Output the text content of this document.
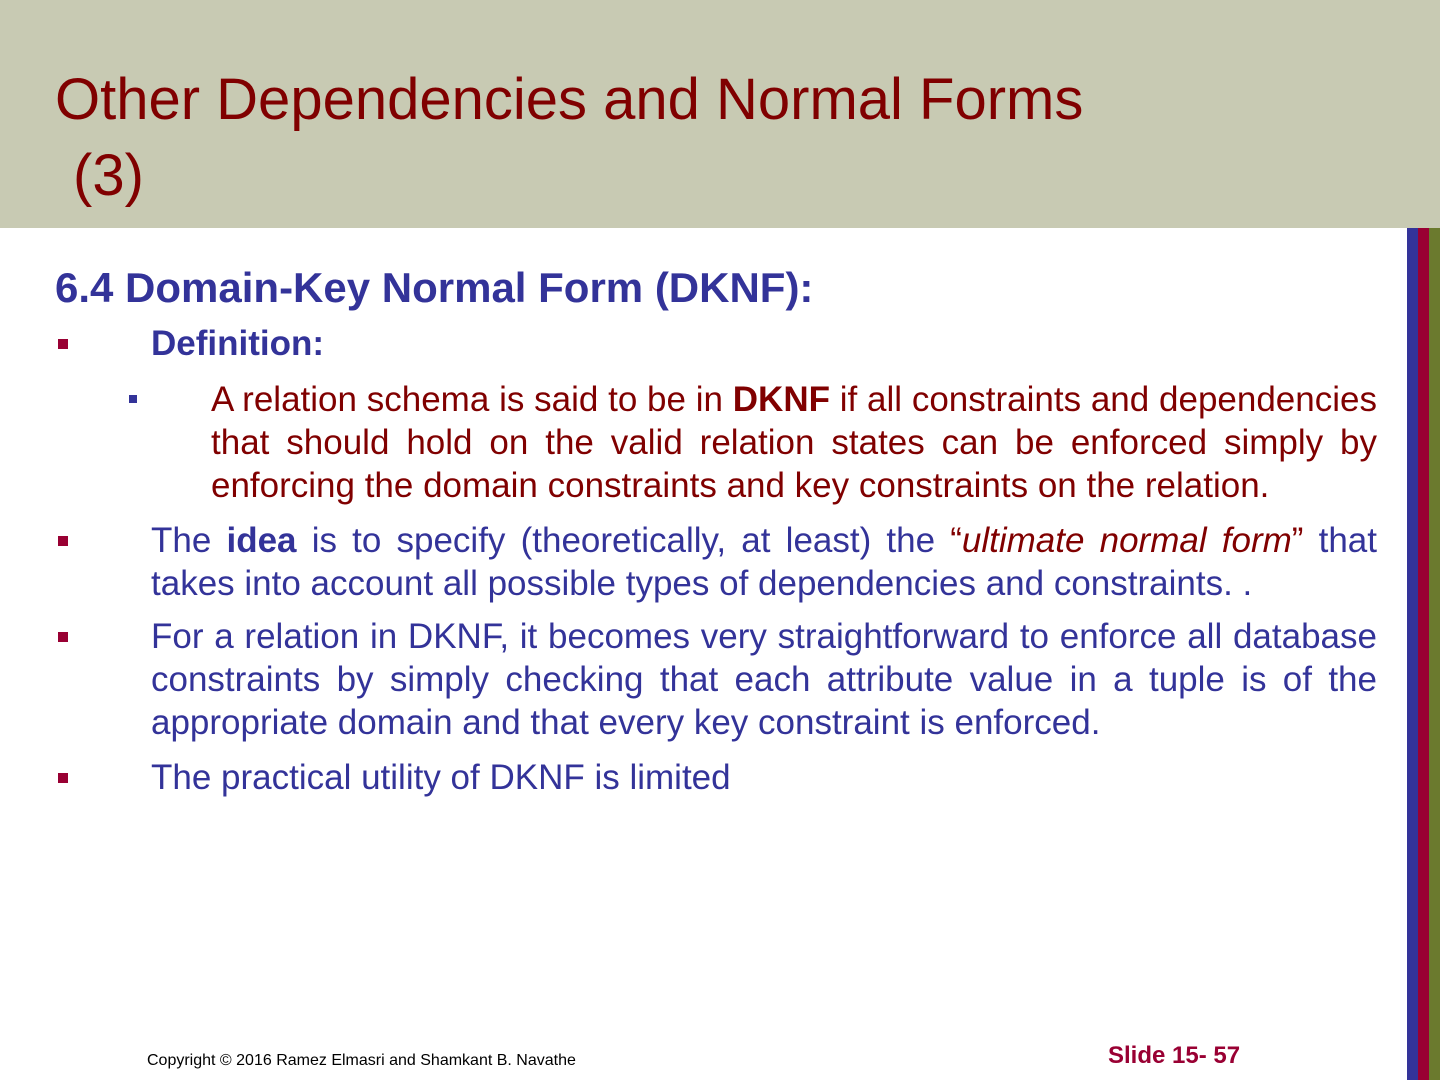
Other Dependencies and Normal Forms
(3)
6.4 Domain-Key Normal Form (DKNF):
Definition:
A relation schema is said to be in DKNF if all constraints and dependencies that should hold on the valid relation states can be enforced simply by enforcing the domain constraints and key constraints on the relation.
The idea is to specify (theoretically, at least) the “ultimate normal form” that takes into account all possible types of dependencies and constraints. .
For a relation in DKNF, it becomes very straightforward to enforce all database constraints by simply checking that each attribute value in a tuple is of the appropriate domain and that every key constraint is enforced.
The practical utility of DKNF is limited
Copyright © 2016 Ramez Elmasri and Shamkant B. Navathe	Slide 15- 57
